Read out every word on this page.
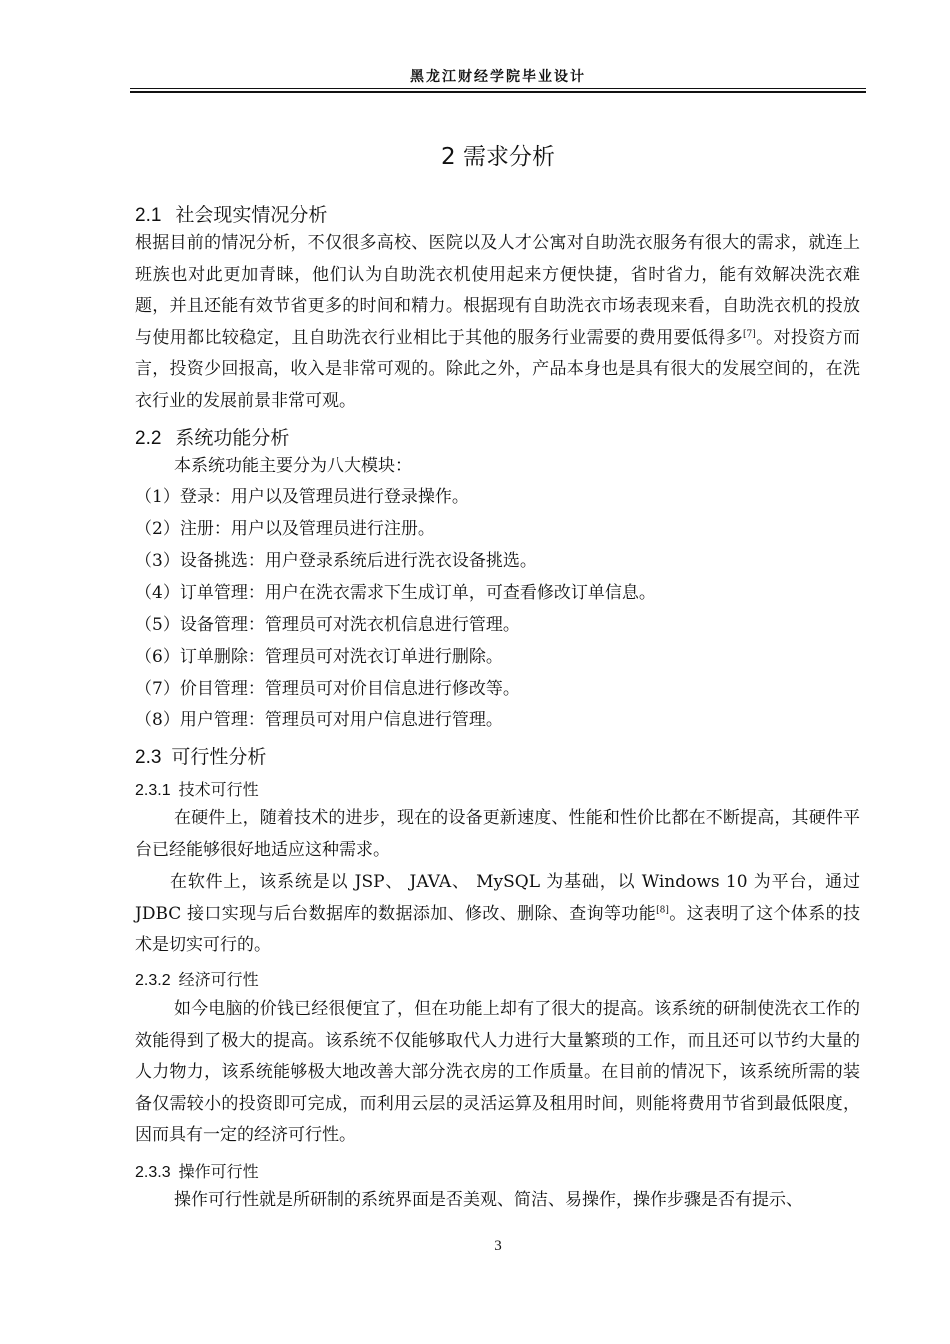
黑龙江财经学院毕业设计
2 需求分析
2.1 社会现实情况分析
根据目前的情况分析，不仅很多高校、医院以及人才公寓对自助洗衣服务有很大的需求，就连上班族也对此更加青睐，他们认为自助洗衣机使用起来方便快捷，省时省力，能有效解决洗衣难题，并且还能有效节省更多的时间和精力。根据现有自助洗衣市场表现来看，自助洗衣机的投放与使用都比较稳定，且自助洗衣行业相比于其他的服务行业需要的费用要低得多[7]。对投资方而言，投资少回报高，收入是非常可观的。除此之外，产品本身也是具有很大的发展空间的，在洗衣行业的发展前景非常可观。
2.2 系统功能分析
本系统功能主要分为八大模块：
（1）登录：用户以及管理员进行登录操作。
（2）注册：用户以及管理员进行注册。
（3）设备挑选：用户登录系统后进行洗衣设备挑选。
（4）订单管理：用户在洗衣需求下生成订单，可查看修改订单信息。
（5）设备管理：管理员可对洗衣机信息进行管理。
（6）订单删除：管理员可对洗衣订单进行删除。
（7）价目管理：管理员可对价目信息进行修改等。
（8）用户管理：管理员可对用户信息进行管理。
2.3 可行性分析
2.3.1 技术可行性
在硬件上，随着技术的进步，现在的设备更新速度、性能和性价比都在不断提高，其硬件平台已经能够很好地适应这种需求。
在软件上，该系统是以 JSP、 JAVA、 MySQL 为基础，以 Windows 10 为平台，通过JDBC 接口实现与后台数据库的数据添加、修改、删除、查询等功能[8]。这表明了这个体系的技术是切实可行的。
2.3.2 经济可行性
如今电脑的价钱已经很便宜了，但在功能上却有了很大的提高。该系统的研制使洗衣工作的效能得到了极大的提高。该系统不仅能够取代人力进行大量繁琐的工作，而且还可以节约大量的人力物力，该系统能够极大地改善大部分洗衣房的工作质量。在目前的情况下，该系统所需的装备仅需较小的投资即可完成，而利用云层的灵活运算及租用时间，则能将费用节省到最低限度，因而具有一定的经济可行性。
2.3.3 操作可行性
操作可行性就是所研制的系统界面是否美观、简洁、易操作，操作步骤是否有提示、
3
